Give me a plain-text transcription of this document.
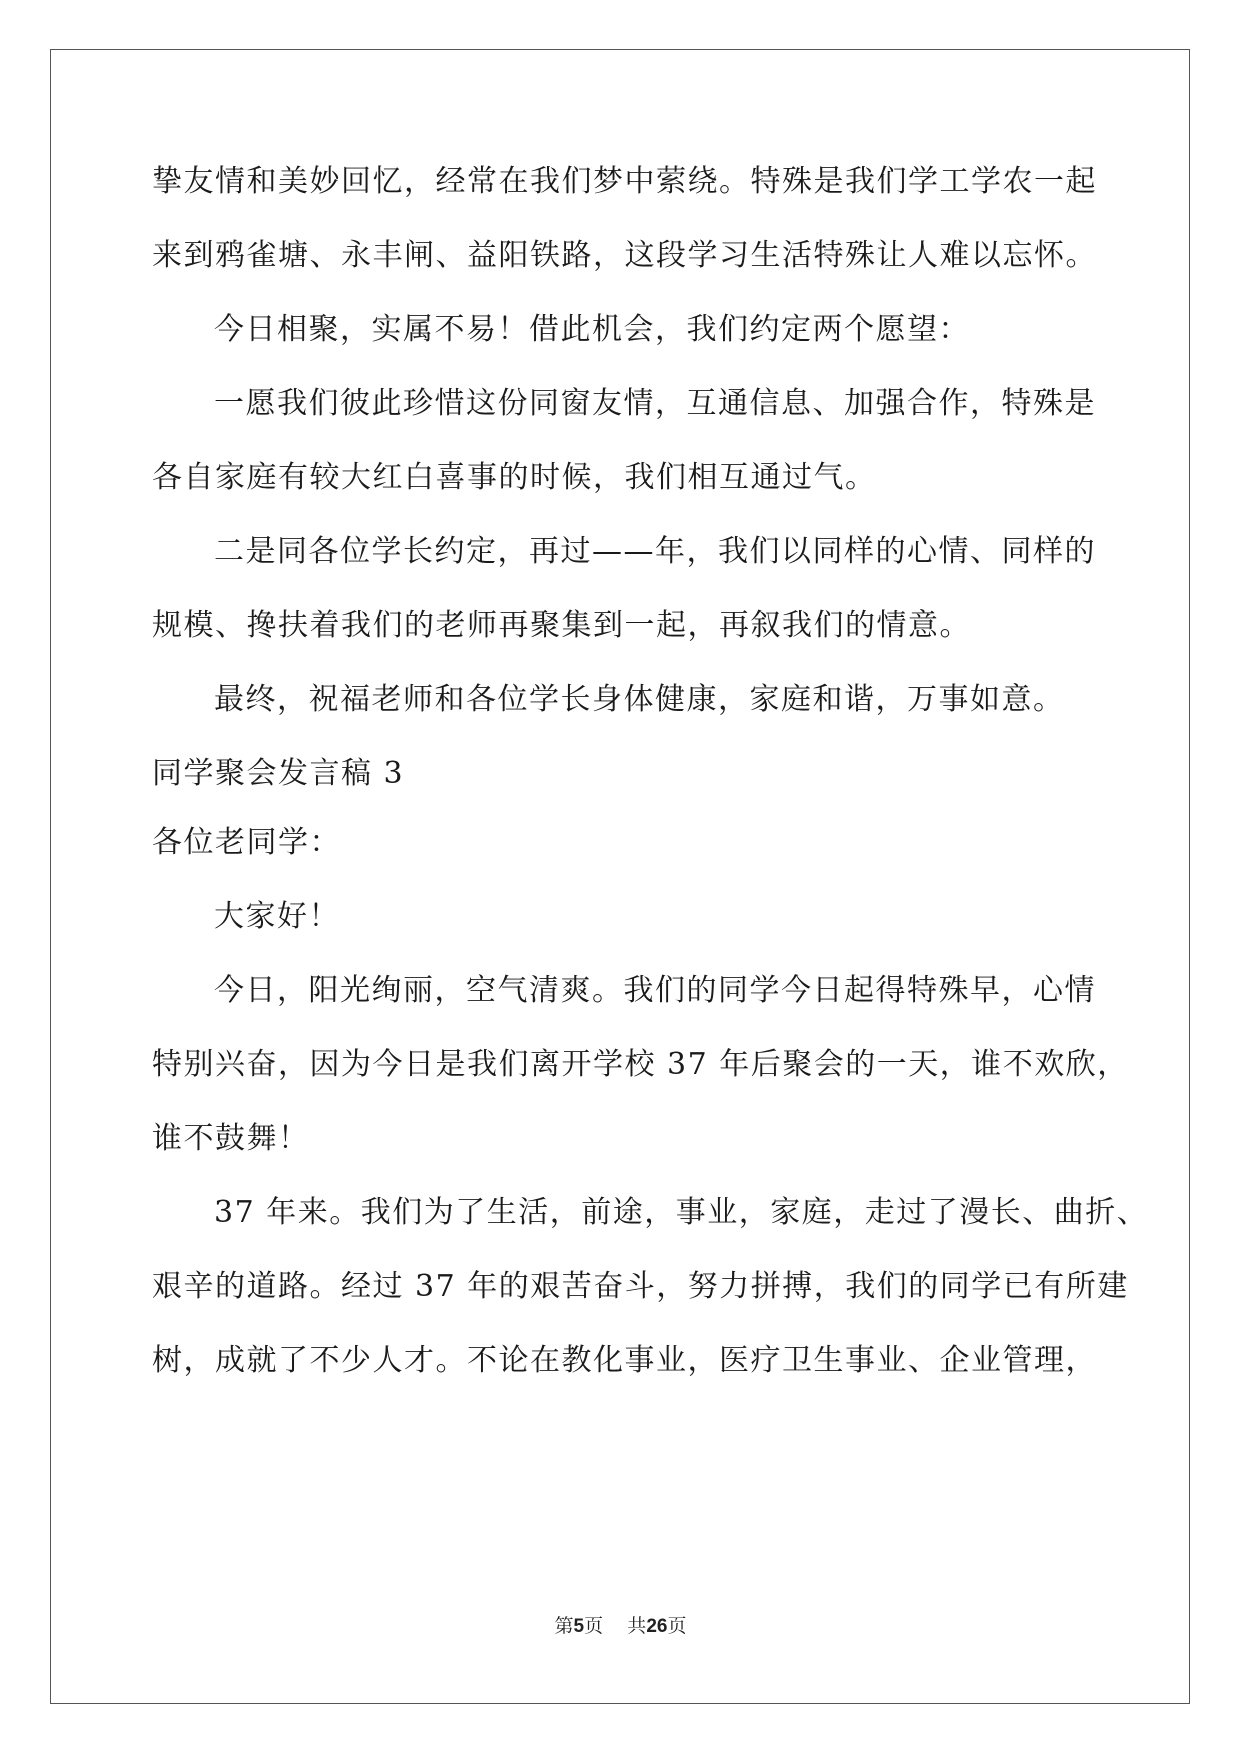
挚友情和美妙回忆，经常在我们梦中萦绕。特殊是我们学工学农一起
来到鸦雀塘、永丰闸、益阳铁路，这段学习生活特殊让人难以忘怀。
今日相聚，实属不易！借此机会，我们约定两个愿望：
一愿我们彼此珍惜这份同窗友情，互通信息、加强合作，特殊是
各自家庭有较大红白喜事的时候，我们相互通过气。
二是同各位学长约定，再过——年，我们以同样的心情、同样的
规模、搀扶着我们的老师再聚集到一起，再叙我们的情意。
最终，祝福老师和各位学长身体健康，家庭和谐，万事如意。
同学聚会发言稿 3
各位老同学：
大家好！
今日，阳光绚丽，空气清爽。我们的同学今日起得特殊早，心情
特别兴奋，因为今日是我们离开学校 37 年后聚会的一天，谁不欢欣，
谁不鼓舞！
37 年来。我们为了生活，前途，事业，家庭，走过了漫长、曲折、
艰辛的道路。经过 37 年的艰苦奋斗，努力拼搏，我们的同学已有所建
树，成就了不少人才。不论在教化事业，医疗卫生事业、企业管理，
第5页 共26页
